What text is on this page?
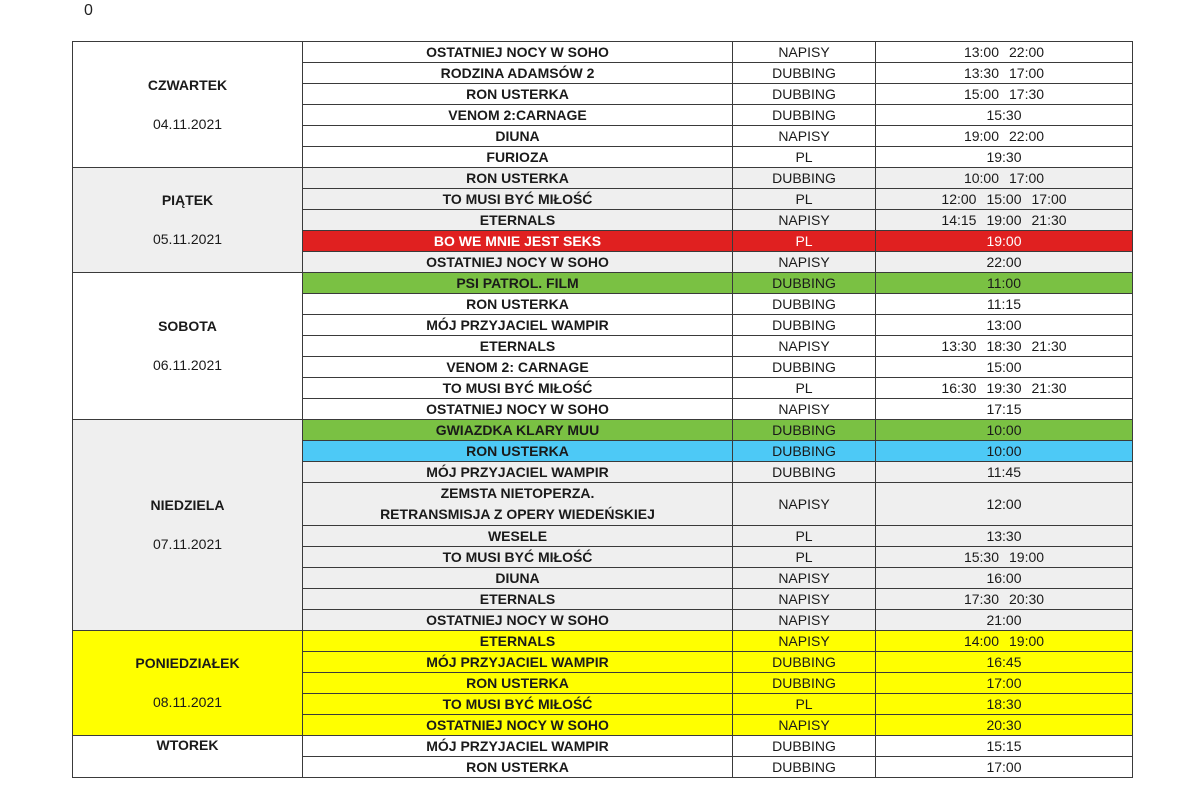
0
CZWARTEK
04.11.2021	OSTATNIEJ NOCY W SOHO	NAPISY	13:00 22:00
	RODZINA ADAMSÓW 2	DUBBING	13:30 17:00
	RON USTERKA	DUBBING	15:00 17:30
	VENOM 2:CARNAGE	DUBBING	15:30
	DIUNA	NAPISY	19:00 22:00
	FURIOZA	PL	19:30

PIĄTEK
05.11.2021	RON USTERKA	DUBBING	10:00 17:00
	TO MUSI BYĆ MIŁOŚĆ	PL	12:00 15:00 17:00
	ETERNALS	NAPISY	14:15 19:00 21:30
	BO WE MNIE JEST SEKS	PL	19:00
	OSTATNIEJ NOCY W SOHO	NAPISY	22:00

SOBOTA
06.11.2021	PSI PATROL. FILM	DUBBING	11:00
	RON USTERKA	DUBBING	11:15
	MÓJ PRZYJACIEL WAMPIR	DUBBING	13:00
	ETERNALS	NAPISY	13:30 18:30 21:30
	VENOM 2: CARNAGE	DUBBING	15:00
	TO MUSI BYĆ MIŁOŚĆ	PL	16:30 19:30 21:30
	OSTATNIEJ NOCY W SOHO	NAPISY	17:15

NIEDZIELA
07.11.2021	GWIAZDKA KLARY MUU	DUBBING	10:00
	RON USTERKA	DUBBING	10:00
	MÓJ PRZYJACIEL WAMPIR	DUBBING	11:45

	ZEMSTA NIETOPERZA.
RETRANSMISJA Z OPERY WIEDEŃSKIEJ	NAPISY	12:00
	WESELE	PL	13:30
	TO MUSI BYĆ MIŁOŚĆ	PL	15:30 19:00
	DIUNA	NAPISY	16:00
	ETERNALS	NAPISY	17:30 20:30
	OSTATNIEJ NOCY W SOHO	NAPISY	21:00

PONIEDZIAŁEK
08.11.2021	ETERNALS	NAPISY	14:00 19:00
	MÓJ PRZYJACIEL WAMPIR	DUBBING	16:45
	RON USTERKA	DUBBING	17:00
	TO MUSI BYĆ MIŁOŚĆ	PL	18:30
	OSTATNIEJ NOCY W SOHO	NAPISY	20:30

WTOREK	MÓJ PRZYJACIEL WAMPIR	DUBBING	15:15
	RON USTERKA	DUBBING	17:00
